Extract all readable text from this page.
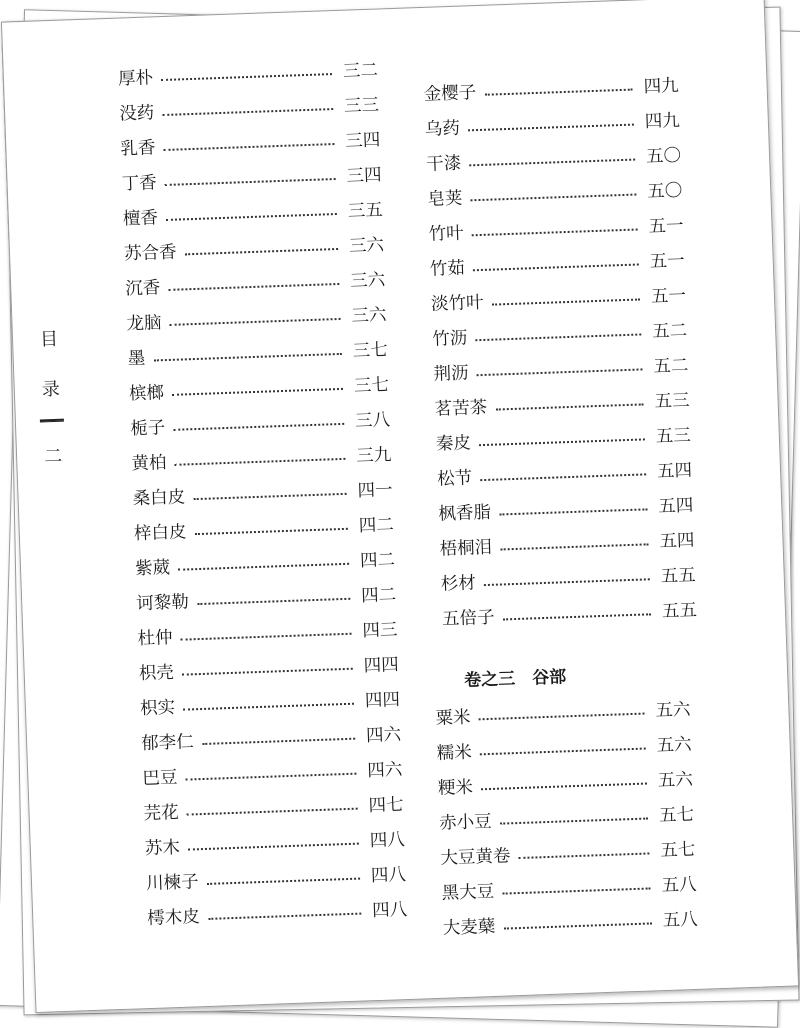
目
录
二
厚朴	三二
没药	三三
乳香	三四
丁香	三四
檀香	三五
苏合香	三六
沉香	三六
龙脑	三六
墨	三七
槟榔	三七
栀子	三八
黄柏	三九
桑白皮	四一
梓白皮	四二
紫葳	四二
诃黎勒	四二
杜仲	四三
枳壳	四四
枳实	四四
郁李仁	四六
巴豆	四六
芫花	四七
苏木	四八
川楝子	四八
樗木皮	四八
金樱子	四九
乌药	四九
干漆	五〇
皂荚	五〇
竹叶	五一
竹茹	五一
淡竹叶	五一
竹沥	五二
荆沥	五二
茗苦茶	五三
秦皮	五三
松节	五四
枫香脂	五四
梧桐泪	五四
杉材	五五
五倍子	五五
卷之三　谷部
粟米	五六
糯米	五六
粳米	五六
赤小豆	五七
大豆黄卷	五七
黑大豆	五八
大麦蘖	五八
